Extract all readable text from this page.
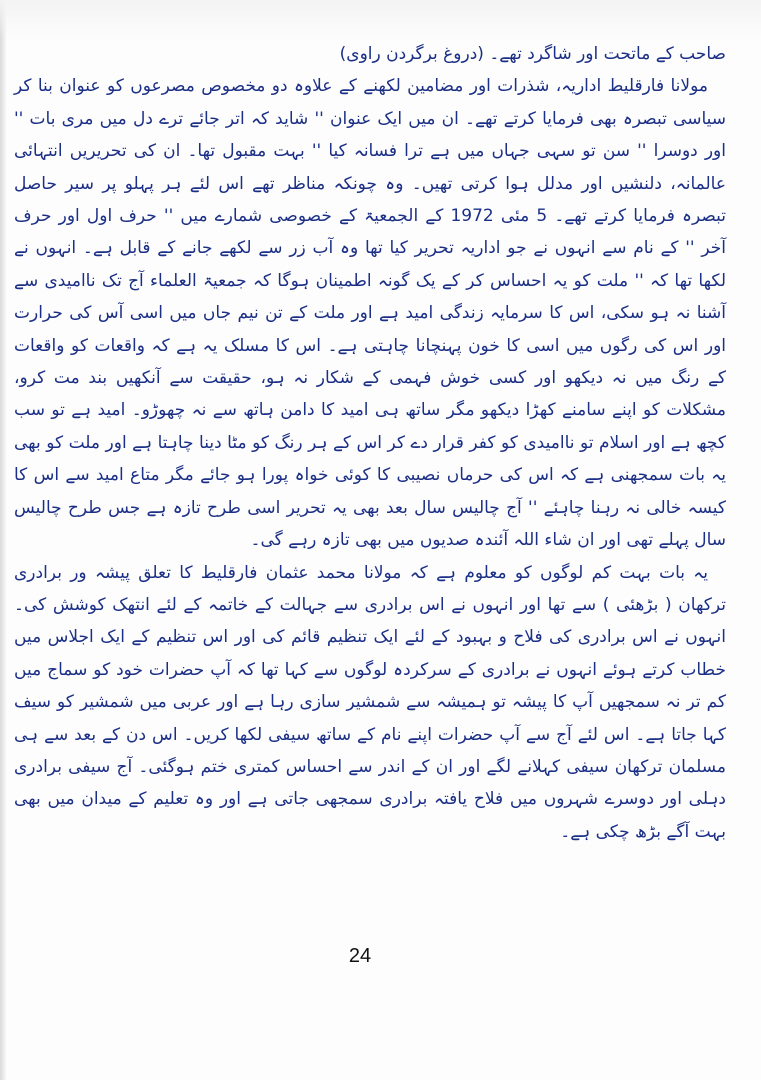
صاحب کے ماتحت اور شاگرد تھے۔ (دروغ برگردن راوی)

مولانا فارقلیط اداریہ، شذرات اور مضامین لکھنے کے علاوہ دو مخصوص مصرعوں کو عنوان بنا کر سیاسی تبصرہ بھی فرمایا کرتے تھے۔ ان میں ایک عنوان '' شاید کہ اتر جائے ترے دل میں مری بات '' اور دوسرا '' سن تو سہی جہاں میں ہے ترا فسانہ کیا '' بہت مقبول تھا۔ ان کی تحریریں انتہائی عالمانہ، دلنشیں اور مدلل ہوا کرتی تھیں۔ وہ چونکہ مناظر تھے اس لئے ہر پہلو پر سیر حاصل تبصرہ فرمایا کرتے تھے۔ 5 مئی 1972 کے الجمعیۃ کے خصوصی شمارے میں '' حرف اول اور حرف آخر '' کے نام سے انہوں نے جو اداریہ تحریر کیا تھا وہ آب زر سے لکھے جانے کے قابل ہے۔ انہوں نے لکھا تھا کہ '' ملت کو یہ احساس کر کے یک گونہ اطمینان ہوگا کہ جمعیۃ العلماء آج تک ناامیدی سے آشنا نہ ہو سکی، اس کا سرمایہ زندگی امید ہے اور ملت کے تن نیم جاں میں اسی آس کی حرارت اور اس کی رگوں میں اسی کا خون پہنچانا چاہتی ہے۔ اس کا مسلک یہ ہے کہ واقعات کو واقعات کے رنگ میں نہ دیکھو اور کسی خوش فہمی کے شکار نہ ہو، حقیقت سے آنکھیں بند مت کرو، مشکلات کو اپنے سامنے کھڑا دیکھو مگر ساتھ ہی امید کا دامن ہاتھ سے نہ چھوڑو۔ امید ہے تو سب کچھ ہے اور اسلام تو ناامیدی کو کفر قرار دے کر اس کے ہر رنگ کو مٹا دینا چاہتا ہے اور ملت کو بھی یہ بات سمجھنی ہے کہ اس کی حرماں نصیبی کا کوئی خواہ پورا ہو جائے مگر متاع امید سے اس کا کیسہ خالی نہ رہنا چاہئے '' آج چالیس سال بعد بھی یہ تحریر اسی طرح تازہ ہے جس طرح چالیس سال پہلے تھی اور ان شاء اللہ آئندہ صدیوں میں بھی تازہ رہے گی۔

یہ بات بہت کم لوگوں کو معلوم ہے کہ مولانا محمد عثمان فارقلیط کا تعلق پیشہ ور برادری ترکھان ( بڑھئی ) سے تھا اور انہوں نے اس برادری سے جہالت کے خاتمہ کے لئے انتھک کوشش کی۔ انہوں نے اس برادری کی فلاح و بہبود کے لئے ایک تنظیم قائم کی اور اس تنظیم کے ایک اجلاس میں خطاب کرتے ہوئے انہوں نے برادری کے سرکردہ لوگوں سے کہا تھا کہ آپ حضرات خود کو سماج میں کم تر نہ سمجھیں آپ کا پیشہ تو ہمیشہ سے شمشیر سازی رہا ہے اور عربی میں شمشیر کو سیف کہا جاتا ہے۔ اس لئے آج سے آپ حضرات اپنے نام کے ساتھ سیفی لکھا کریں۔ اس دن کے بعد سے ہی مسلمان ترکھان سیفی کہلانے لگے اور ان کے اندر سے احساس کمتری ختم ہوگئی۔ آج سیفی برادری دہلی اور دوسرے شہروں میں فلاح یافتہ برادری سمجھی جاتی ہے اور وہ تعلیم کے میدان میں بھی بہت آگے بڑھ چکی ہے۔

24
